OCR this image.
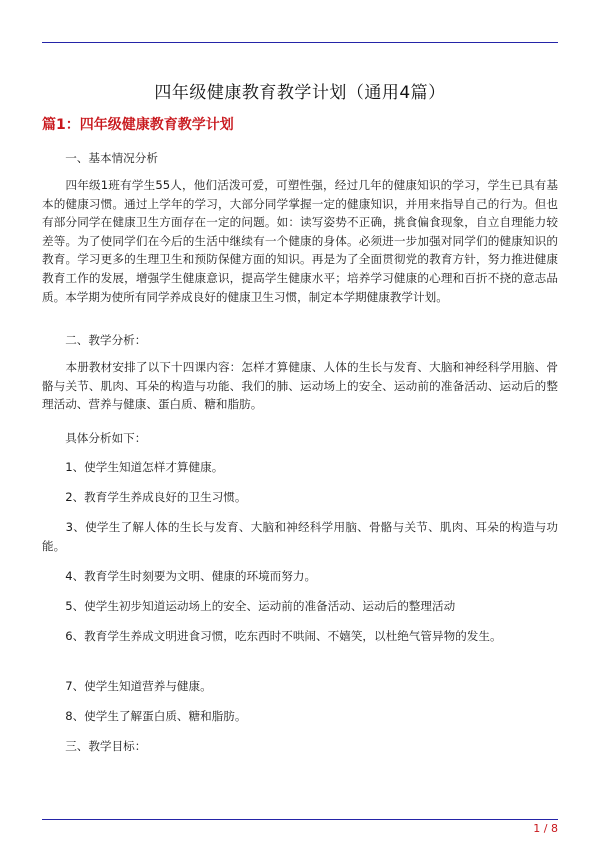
四年级健康教育教学计划（通用4篇）
篇1：四年级健康教育教学计划

　　一、基本情况分析

　　四年级1班有学生55人，他们活泼可爱，可塑性强，经过几年的健康知识的学习，学生已具有基本的健康习惯。通过上学年的学习，大部分同学掌握一定的健康知识，并用来指导自己的行为。但也有部分同学在健康卫生方面存在一定的问题。如：读写姿势不正确，挑食偏食现象，自立自理能力较差等。为了使同学们在今后的生活中继续有一个健康的身体。必须进一步加强对同学们的健康知识的教育。学习更多的生理卫生和预防保健方面的知识。再是为了全面贯彻党的教育方针，努力推进健康教育工作的发展，增强学生健康意识，提高学生健康水平；培养学习健康的心理和百折不挠的意志品质。本学期为使所有同学养成良好的健康卫生习惯，制定本学期健康教学计划。

　　二、教学分析：

　　本册教材安排了以下十四课内容：怎样才算健康、人体的生长与发育、大脑和神经科学用脑、骨骼与关节、肌肉、耳朵的构造与功能、我们的肺、运动场上的安全、运动前的准备活动、运动后的整理活动、营养与健康、蛋白质、糖和脂肪。

　　具体分析如下：

　　1、使学生知道怎样才算健康。

　　2、教育学生养成良好的卫生习惯。

　　3、使学生了解人体的生长与发育、大脑和神经科学用脑、骨骼与关节、肌肉、耳朵的构造与功能。

　　4、教育学生时刻要为文明、健康的环境而努力。

　　5、使学生初步知道运动场上的安全、运动前的准备活动、运动后的整理活动

　　6、教育学生养成文明进食习惯，吃东西时不哄闹、不嬉笑，以杜绝气管异物的发生。

　　7、使学生知道营养与健康。

　　8、使学生了解蛋白质、糖和脂肪。

　　三、教学目标：

1 / 8
